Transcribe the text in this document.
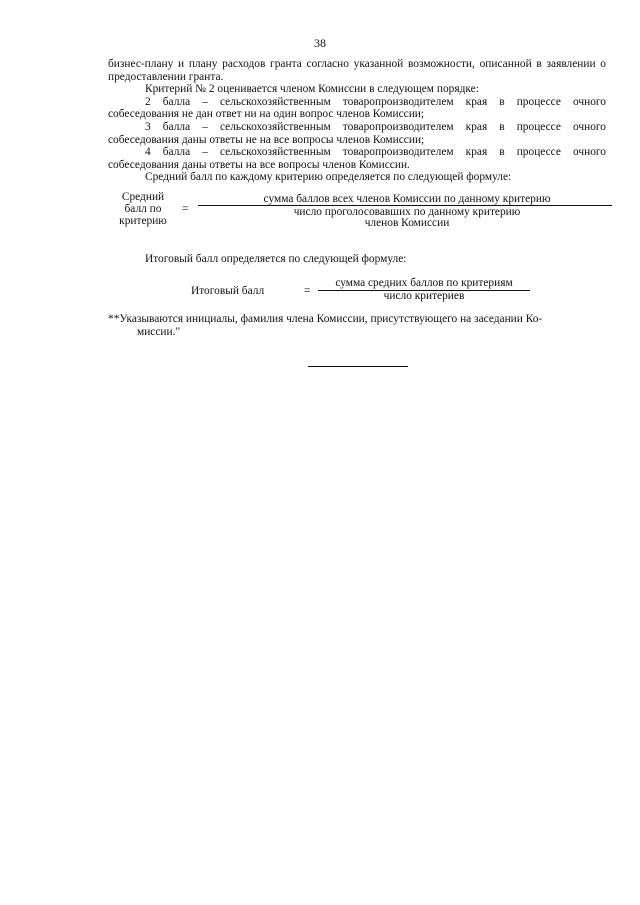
38

бизнес-плану и плану расходов гранта согласно указанной возможности, описанной в заявлении о предоставлении гранта.

Критерий № 2 оценивается членом Комиссии в следующем порядке:

2 балла – сельскохозяйственным товаропроизводителем края в процессе очного собеседования не дан ответ ни на один вопрос членов Комиссии;

3 балла – сельскохозяйственным товаропроизводителем края в процессе очного собеседования даны ответы не на все вопросы членов Комиссии;

4 балла – сельскохозяйственным товаропроизводителем края в процессе очного собеседования даны ответы на все вопросы членов Комиссии.

Средний балл по каждому критерию определяется по следующей формуле:

Средний
балл по
критерию
=
сумма баллов всех членов Комиссии по данному критерию
число проголосовавших по данному критерию
членов Комиссии
Итоговый балл определяется по следующей формуле:
Итоговый балл	=
сумма средних баллов по критериям
число критериев
**Указываются инициалы, фамилия члена Комиссии, присутствующего на заседании Ко-
миссии."
